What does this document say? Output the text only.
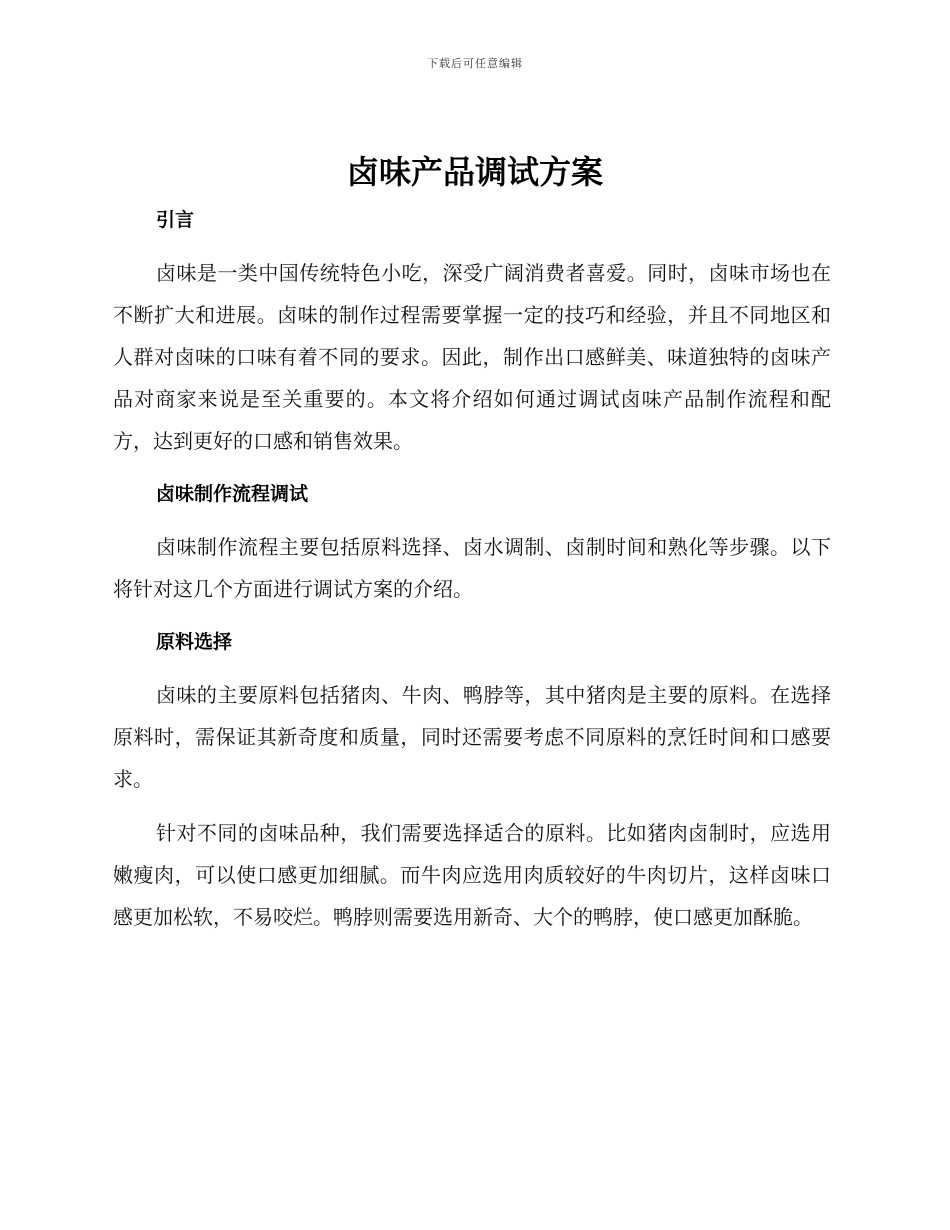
下载后可任意编辑
卤味产品调试方案
引言

卤味是一类中国传统特色小吃，深受广阔消费者喜爱。同时，卤味市场也在不断扩大和进展。卤味的制作过程需要掌握一定的技巧和经验，并且不同地区和人群对卤味的口味有着不同的要求。因此，制作出口感鲜美、味道独特的卤味产品对商家来说是至关重要的。本文将介绍如何通过调试卤味产品制作流程和配方，达到更好的口感和销售效果。

卤味制作流程调试

卤味制作流程主要包括原料选择、卤水调制、卤制时间和熟化等步骤。以下将针对这几个方面进行调试方案的介绍。

原料选择

卤味的主要原料包括猪肉、牛肉、鸭脖等，其中猪肉是主要的原料。在选择原料时，需保证其新奇度和质量，同时还需要考虑不同原料的烹饪时间和口感要求。

针对不同的卤味品种，我们需要选择适合的原料。比如猪肉卤制时，应选用嫩瘦肉，可以使口感更加细腻。而牛肉应选用肉质较好的牛肉切片，这样卤味口感更加松软，不易咬烂。鸭脖则需要选用新奇、大个的鸭脖，使口感更加酥脆。
